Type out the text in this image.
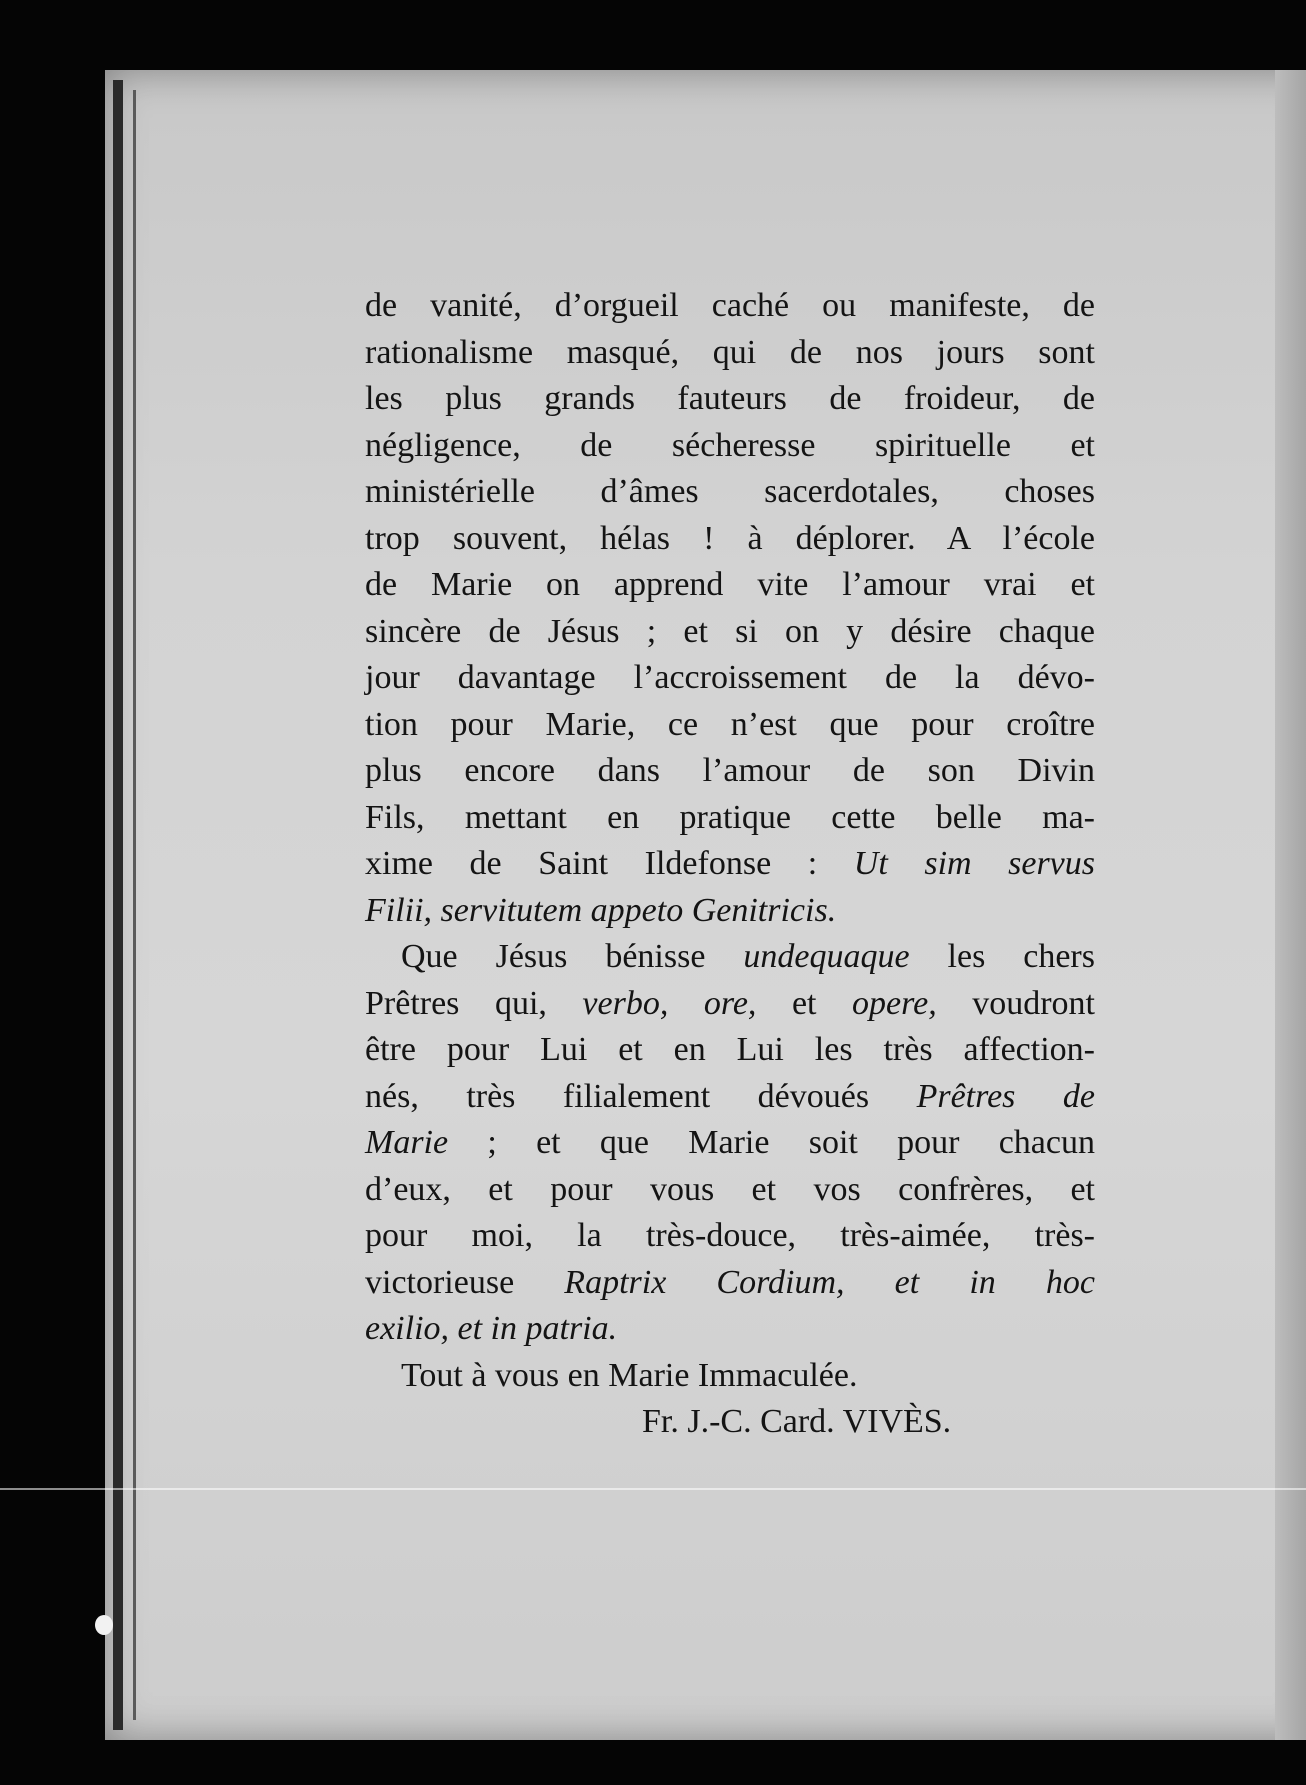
de vanité, d’orgueil caché ou manifeste, de
rationalisme masqué, qui de nos jours sont
les plus grands fauteurs de froideur, de
négligence, de sécheresse spirituelle et
ministérielle d’âmes sacerdotales, choses
trop souvent, hélas ! à déplorer. A l’école
de Marie on apprend vite l’amour vrai et
sincère de Jésus ; et si on y désire chaque
jour davantage l’accroissement de la dévo-
tion pour Marie, ce n’est que pour croître
plus encore dans l’amour de son Divin
Fils, mettant en pratique cette belle ma-
xime de Saint Ildefonse : Ut sim servus
Filii, servitutem appeto Genitricis.
Que Jésus bénisse undequaque les chers
Prêtres qui, verbo, ore, et opere, voudront
être pour Lui et en Lui les très affection-
nés, très filialement dévoués Prêtres de
Marie ; et que Marie soit pour chacun
d’eux, et pour vous et vos confrères, et
pour moi, la très-douce, très-aimée, très-
victorieuse Raptrix Cordium, et in hoc
exilio, et in patria.

Tout à vous en Marie Immaculée.

Fr. J.-C. Card. VIVÈS.
